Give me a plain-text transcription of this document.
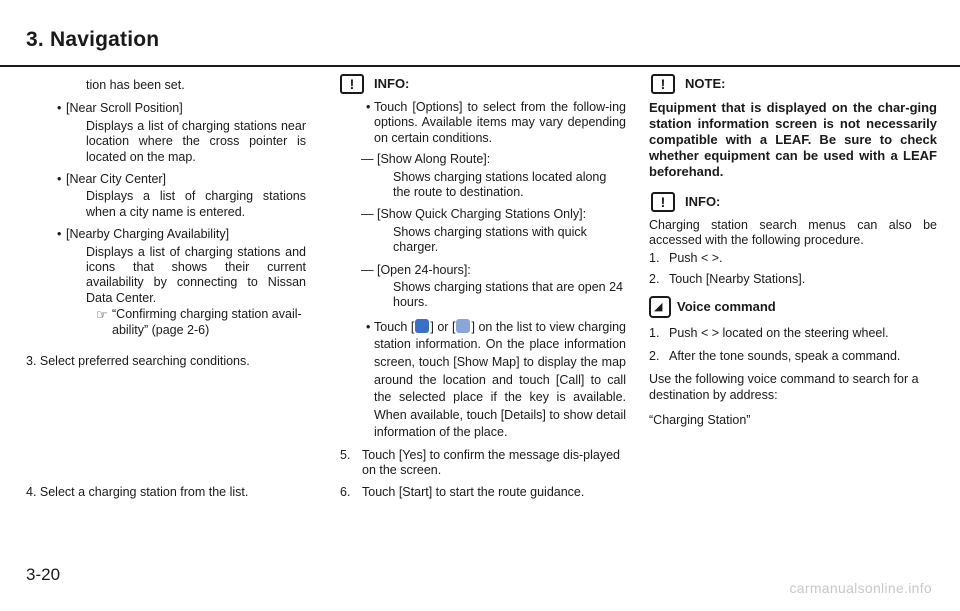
3. Navigation

tion has been set.

• [Near Scroll Position]

Displays a list of charging stations near location where the cross pointer is located on the map.

• [Near City Center]

Displays a list of charging stations when a city name is entered.

• [Nearby Charging Availability]

Displays a list of charging stations and icons that shows their current availability by connecting to Nissan Data Center.

☞ “Confirming charging station avail-ability” (page 2-6)

3. Select preferred searching conditions.

4. Select a charging station from the list.

!	INFO:
• Touch [Options] to select from the follow-ing options. Available items may vary depending on certain conditions.
— [Show Along Route]:
Shows charging stations located along the route to destination.
— [Show Quick Charging Stations Only]:
Shows charging stations with quick charger.
— [Open 24-hours]:
Shows charging stations that are open 24 hours.
• Touch [ ] or [ ] on the list to view charging station information. On the place information screen, touch [Show Map] to display the map around the location and touch [Call] to call the selected place if the key is available. When available, touch [Details] to show detail information of the place.
5. Touch [Yes] to confirm the message dis-played on the screen.
6. Touch [Start] to start the route guidance.
!	NOTE:

Equipment that is displayed on the char-ging station information screen is not necessarily compatible with a LEAF. Be sure to check whether equipment can be used with a LEAF beforehand.

!	INFO:

Charging station search menus can also be accessed with the following procedure.

1. Push < >.
2. Touch [Nearby Stations].
◢ Voice command
1. Push < > located on the steering wheel.
2. After the tone sounds, speak a command.

Use the following voice command to search for a destination by address:

“Charging Station”

3-20
carmanualsonline.info
